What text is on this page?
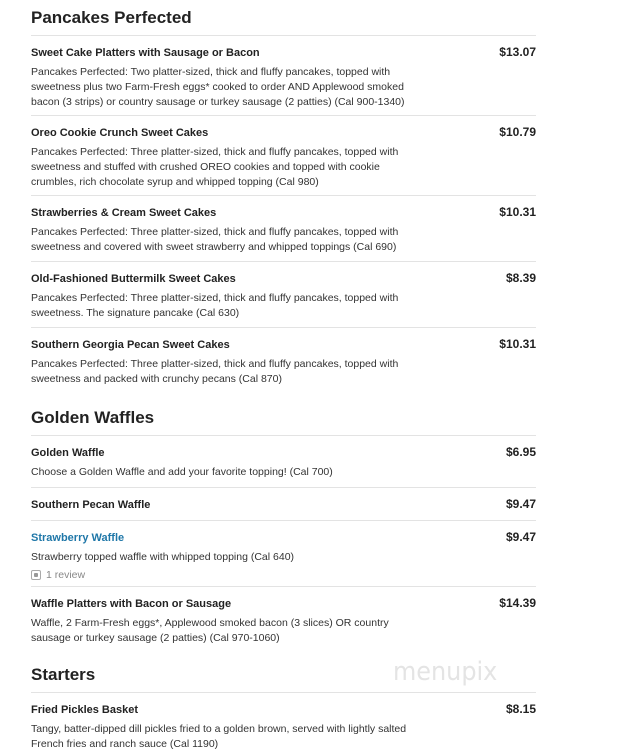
Pancakes Perfected
Sweet Cake Platters with Sausage or Bacon	$13.07
Pancakes Perfected: Two platter-sized, thick and fluffy pancakes, topped with sweetness plus two Farm-Fresh eggs* cooked to order AND Applewood smoked bacon (3 strips) or country sausage or turkey sausage (2 patties) (Cal 900-1340)
Oreo Cookie Crunch Sweet Cakes	$10.79
Pancakes Perfected: Three platter-sized, thick and fluffy pancakes, topped with sweetness and stuffed with crushed OREO cookies and topped with cookie crumbles, rich chocolate syrup and whipped topping (Cal 980)
Strawberries & Cream Sweet Cakes	$10.31
Pancakes Perfected: Three platter-sized, thick and fluffy pancakes, topped with sweetness and covered with sweet strawberry and whipped toppings (Cal 690)
Old-Fashioned Buttermilk Sweet Cakes	$8.39
Pancakes Perfected: Three platter-sized, thick and fluffy pancakes, topped with sweetness. The signature pancake (Cal 630)
Southern Georgia Pecan Sweet Cakes	$10.31
Pancakes Perfected: Three platter-sized, thick and fluffy pancakes, topped with sweetness and packed with crunchy pecans (Cal 870)
Golden Waffles
Golden Waffle	$6.95
Choose a Golden Waffle and add your favorite topping! (Cal 700)
Southern Pecan Waffle	$9.47
Strawberry Waffle	$9.47
Strawberry topped waffle with whipped topping (Cal 640)
1 review
Waffle Platters with Bacon or Sausage	$14.39
Waffle, 2 Farm-Fresh eggs*, Applewood smoked bacon (3 slices) OR country sausage or turkey sausage (2 patties) (Cal 970-1060)
Starters
Fried Pickles Basket	$8.15
Tangy, batter-dipped dill pickles fried to a golden brown, served with lightly salted French fries and ranch sauce (Cal 1190)
menupix
